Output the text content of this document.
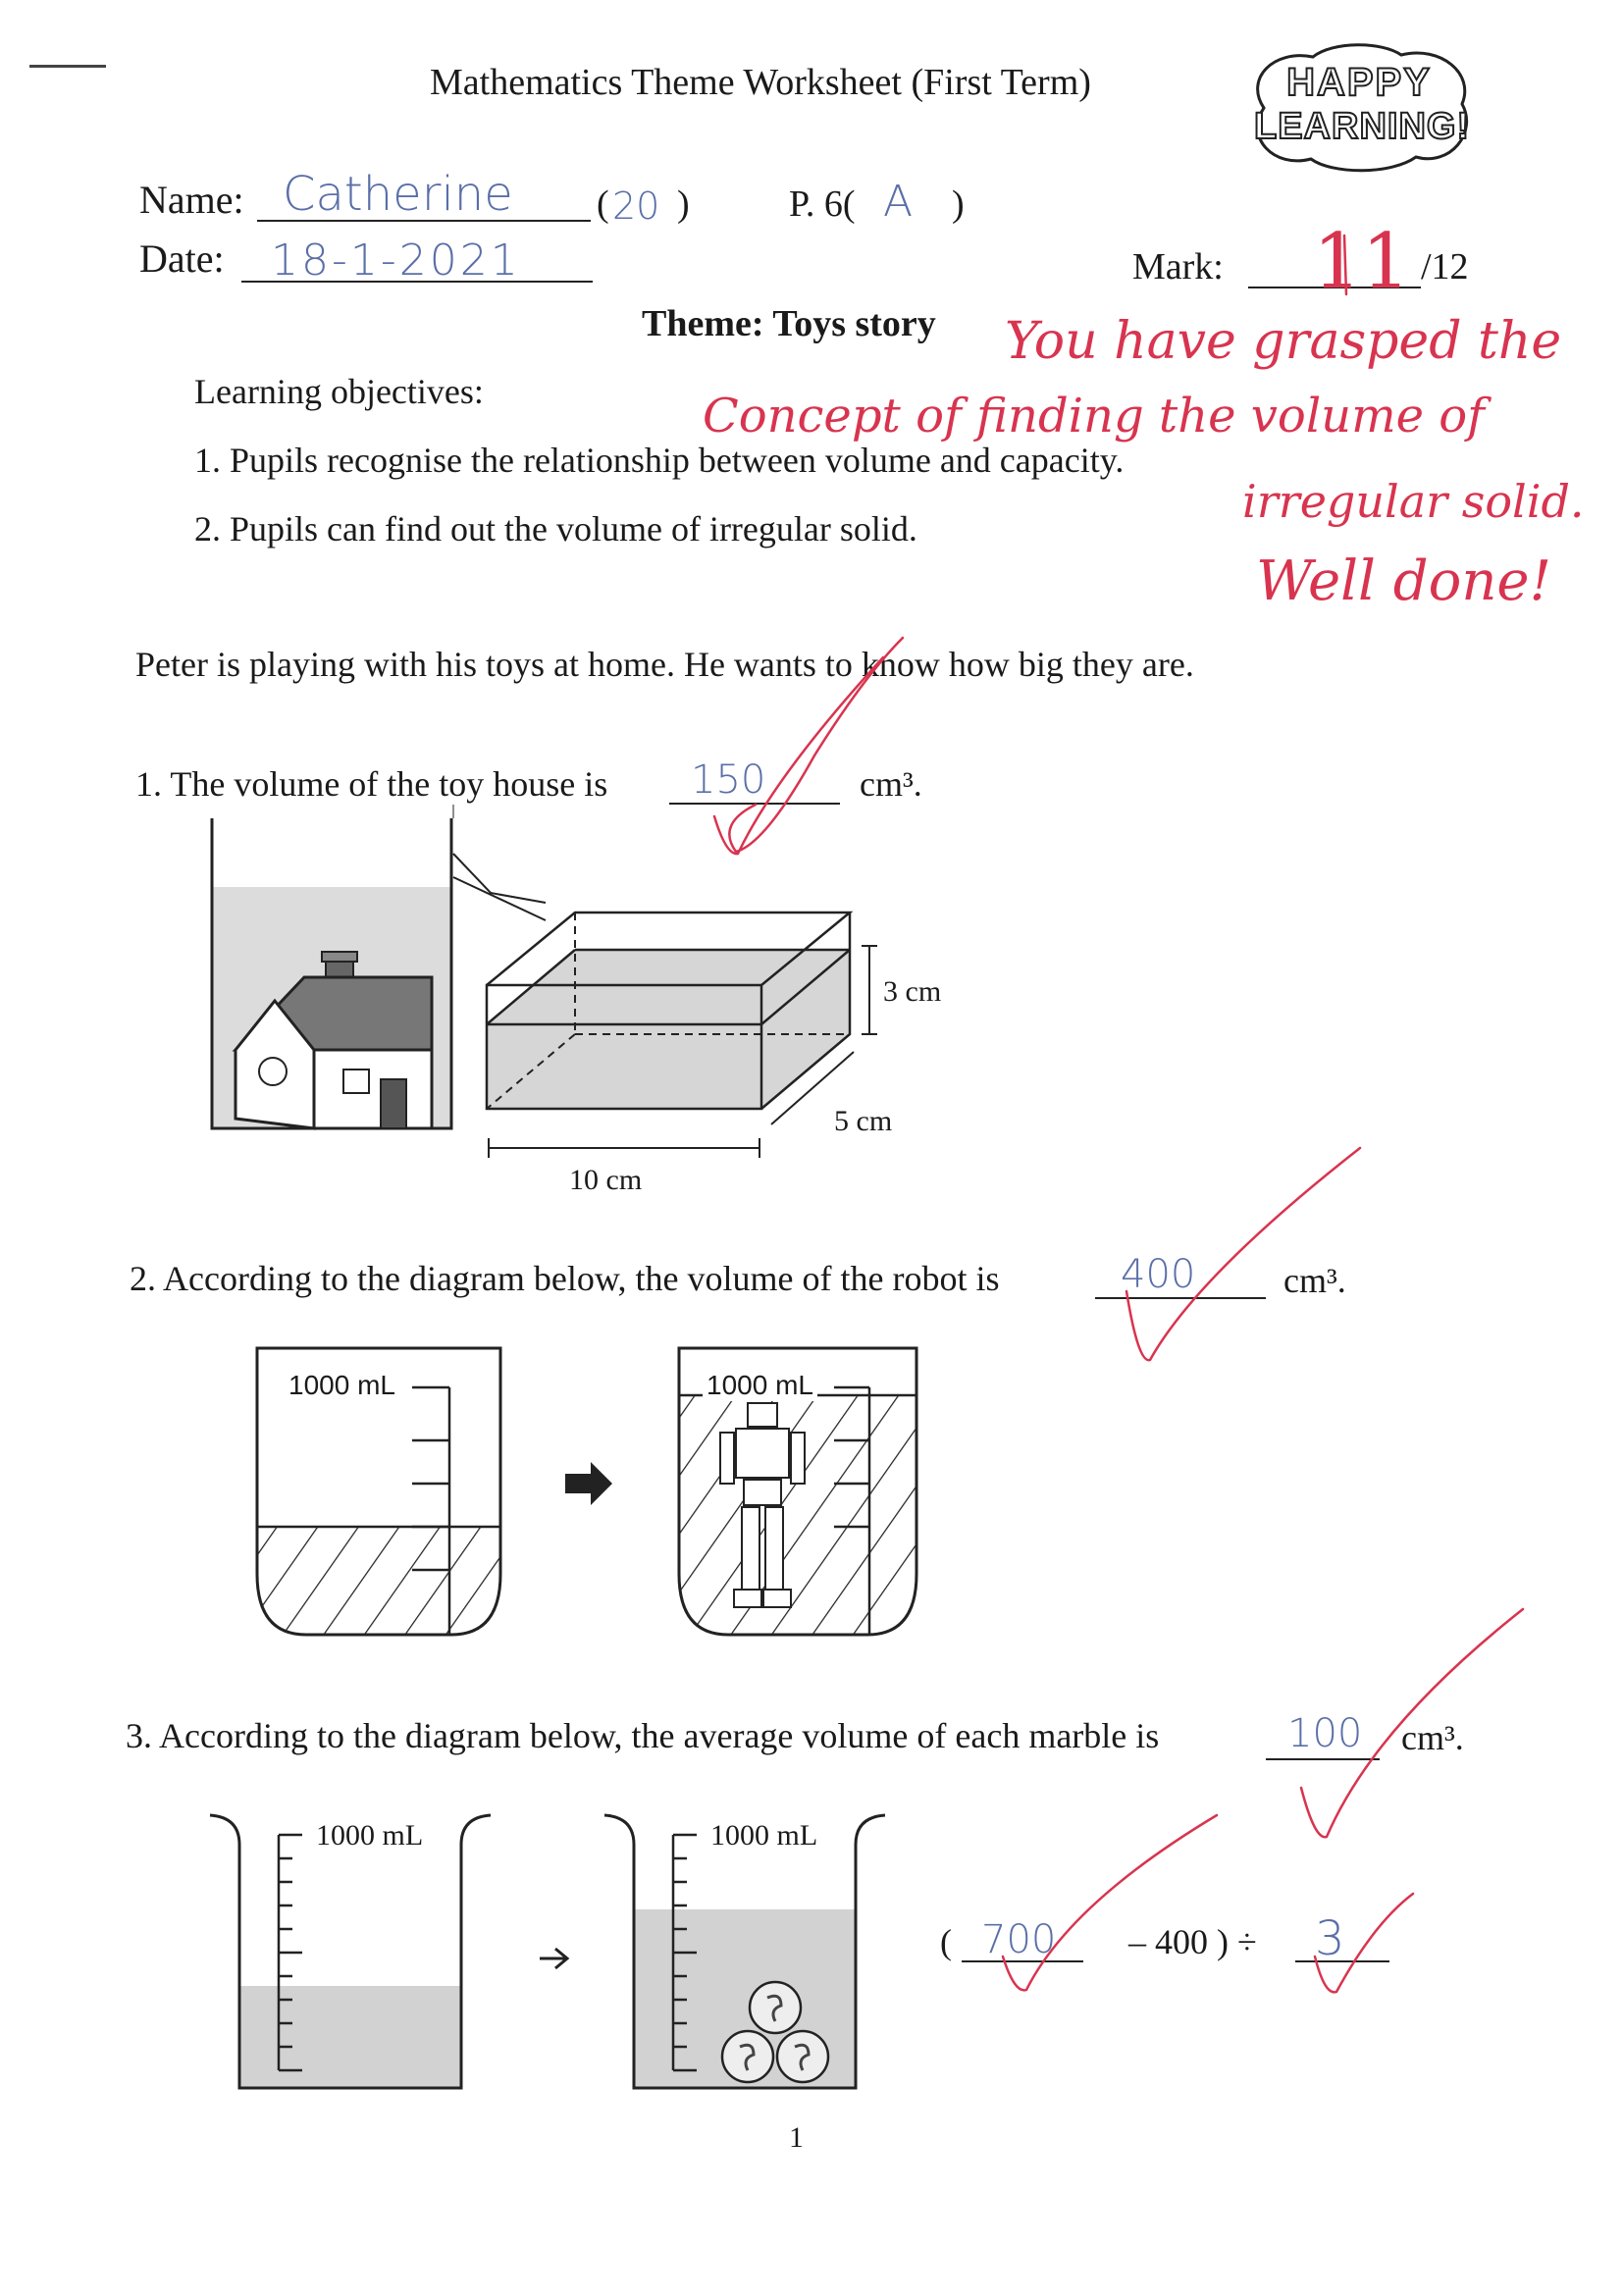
Mathematics Theme Worksheet (First Term)	HAPPY
LEARNING!
Name: Catherine ( 20 )	P. 6( A )
Date: 18-1-2021	Mark: 11 /12
Theme: Toys story
Learning objectives:
1. Pupils recognise the relationship between volume and capacity.
2. Pupils can find out the volume of irregular solid.
You have grasped the
Concept of finding the volume of
irregular solid.
Well done!
Peter is playing with his toys at home. He wants to know how big they are.
1. The volume of the toy house is 150	cm³.
3 cm
5 cm
10 cm
2. According to the diagram below, the volume of the robot is	400 cm³.
1000 mL	1000 mL
3. According to the diagram below, the average volume of each marble is	100 cm³.
1000 mL	1000 mL
( 700 – 400 ) ÷ 3
1
